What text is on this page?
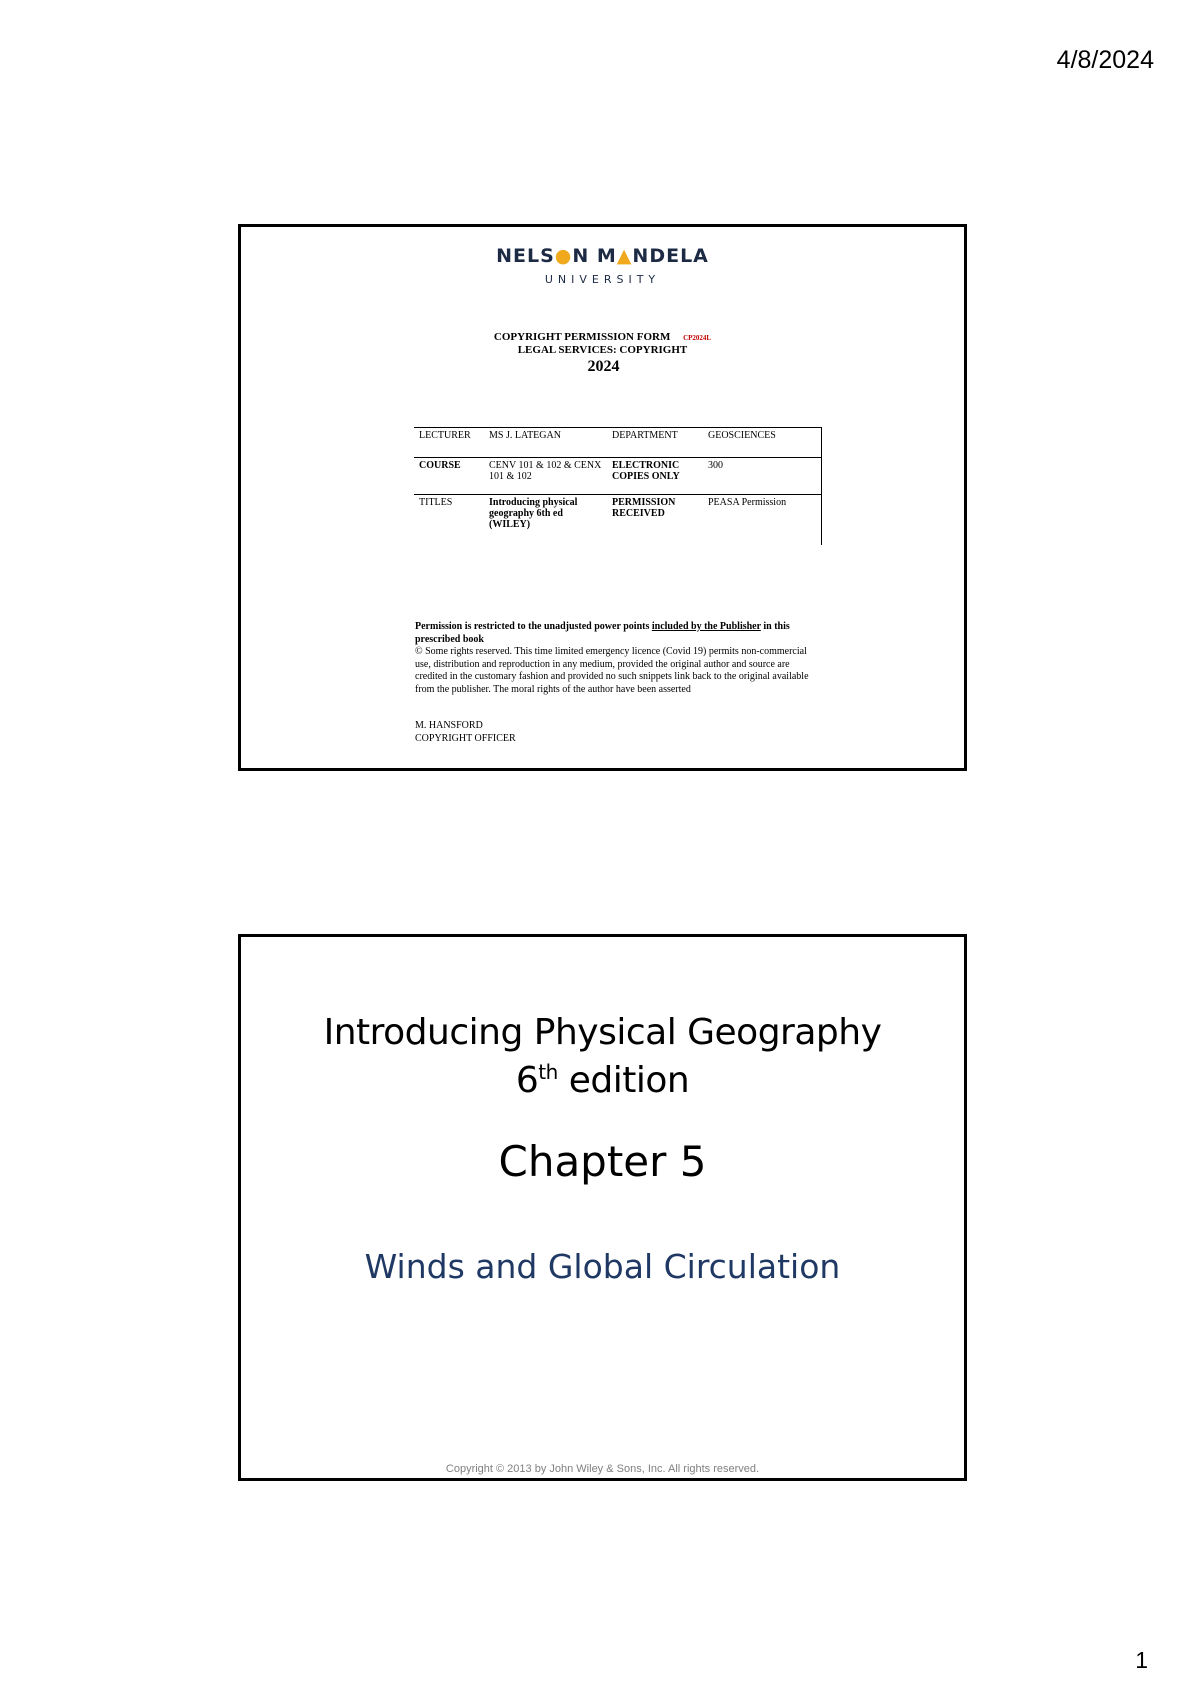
4/8/2024
NELS●N M▲NDELA
UNIVERSITY
COPYRIGHT PERMISSION FORM CP2024L
LEGAL SERVICES: COPYRIGHT
2024
LECTURER	MS J. LATEGAN	DEPARTMENT	GEOSCIENCES
COURSE	CENV 101 & 102 & CENX 101 & 102	ELECTRONIC COPIES ONLY	300
TITLES	Introducing physical geography 6th ed (WILEY)	PERMISSION RECEIVED	PEASA Permission
Permission is restricted to the unadjusted power points included by the Publisher in this prescribed book
© Some rights reserved. This time limited emergency licence (Covid 19) permits non-commercial use, distribution and reproduction in any medium, provided the original author and source are credited in the customary fashion and provided no such snippets link back to the original available from the publisher. The moral rights of the author have been asserted
M. HANSFORD
COPYRIGHT OFFICER
Introducing Physical Geography
6th edition
Chapter 5
Winds and Global Circulation
Copyright © 2013 by John Wiley & Sons, Inc. All rights reserved.
1
